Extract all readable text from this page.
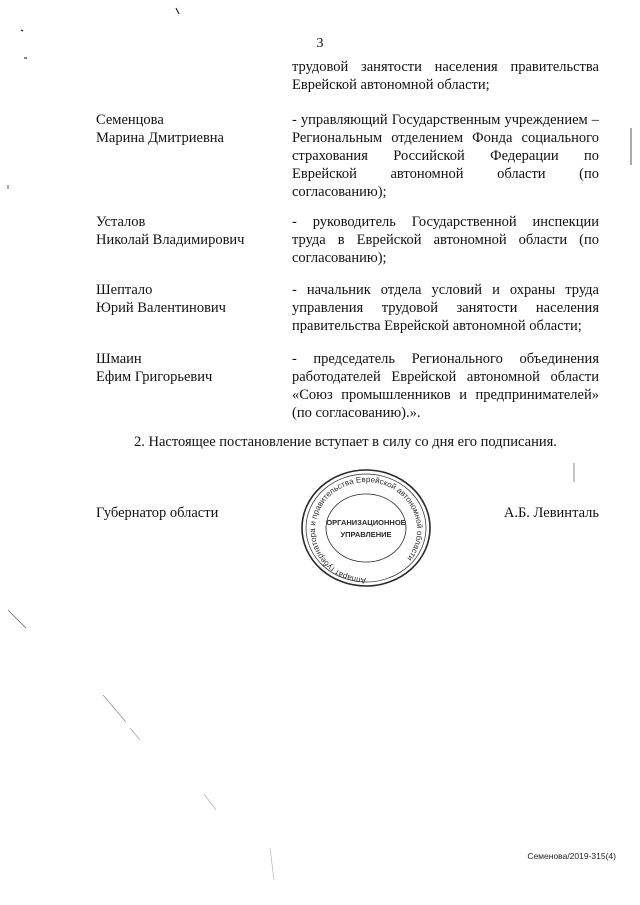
3
трудовой занятости населения правительства Еврейской автономной области;
Семенцова
Марина Дмитриевна
- управляющий Государственным учреждением – Региональным отделением Фонда социального страхования Российской Федерации по Еврейской автономной области (по согласованию);
Усталов
Николай Владимирович
- руководитель Государственной инспекции труда в Еврейской автономной области (по согласованию);
Шептало
Юрий Валентинович
- начальник отдела условий и охраны труда управления трудовой занятости населения правительства Еврейской автономной области;
Шмаин
Ефим Григорьевич
- председатель Регионального объединения работодателей Еврейской автономной области «Союз промышленников и предпринимателей» (по согласованию).».
2. Настоящее постановление вступает в силу со дня его подписания.
Губернатор области	А.Б. Левинталь
Аппарат губернатора и правительства Еврейской автономной области
ОРГАНИЗАЦИОННОЕ
УПРАВЛЕНИЕ
Семенова/2019-315(4)
